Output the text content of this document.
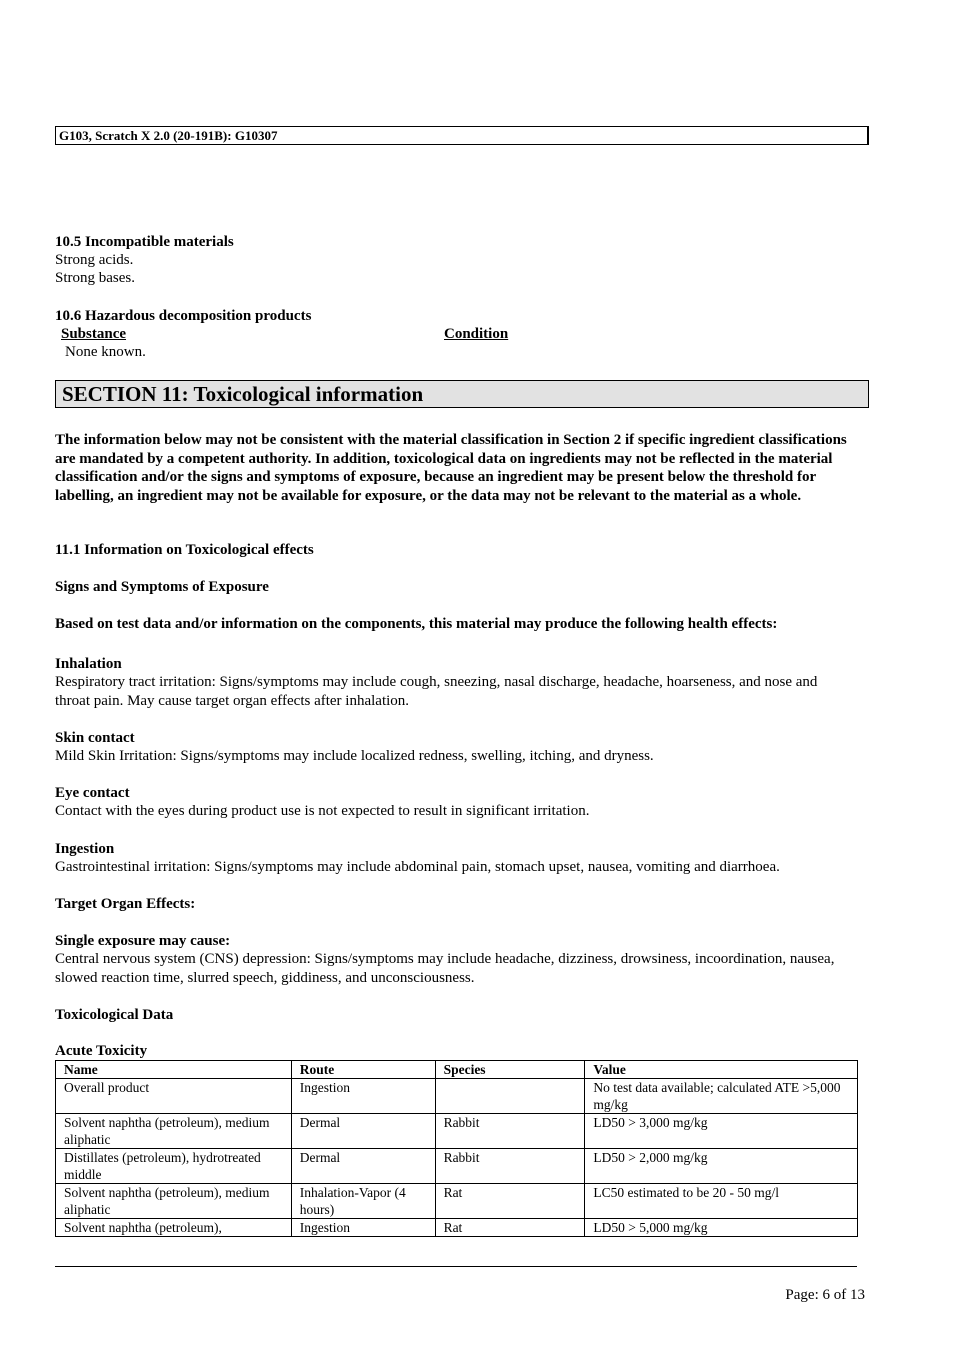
G103, Scratch X 2.0 (20-191B): G10307
10.5 Incompatible materials
Strong acids.
Strong bases.
10.6 Hazardous decomposition products
Substance	Condition
None known.
SECTION 11: Toxicological information
The information below may not be consistent with the material classification in Section 2 if specific ingredient classifications are mandated by a competent authority. In addition, toxicological data on ingredients may not be reflected in the material classification and/or the signs and symptoms of exposure, because an ingredient may be present below the threshold for labelling, an ingredient may not be available for exposure, or the data may not be relevant to the material as a whole.
11.1 Information on Toxicological effects
Signs and Symptoms of Exposure
Based on test data and/or information on the components, this material may produce the following health effects:
Inhalation
Respiratory tract irritation: Signs/symptoms may include cough, sneezing, nasal discharge, headache, hoarseness, and nose and throat pain. May cause target organ effects after inhalation.
Skin contact
Mild Skin Irritation: Signs/symptoms may include localized redness, swelling, itching, and dryness.
Eye contact
Contact with the eyes during product use is not expected to result in significant irritation.
Ingestion
Gastrointestinal irritation: Signs/symptoms may include abdominal pain, stomach upset, nausea, vomiting and diarrhoea.
Target Organ Effects:
Single exposure may cause:
Central nervous system (CNS) depression: Signs/symptoms may include headache, dizziness, drowsiness, incoordination, nausea, slowed reaction time, slurred speech, giddiness, and unconsciousness.
Toxicological Data
Acute Toxicity
Name	Route	Species	Value
Overall product	Ingestion		No test data available; calculated ATE >5,000 mg/kg
Solvent naphtha (petroleum), medium aliphatic	Dermal	Rabbit	LD50 > 3,000 mg/kg
Distillates (petroleum), hydrotreated middle	Dermal	Rabbit	LD50 > 2,000 mg/kg
Solvent naphtha (petroleum), medium aliphatic	Inhalation-Vapor (4 hours)	Rat	LC50 estimated to be 20 - 50 mg/l
Solvent naphtha (petroleum),	Ingestion	Rat	LD50 > 5,000 mg/kg
Page: 6 of 13
